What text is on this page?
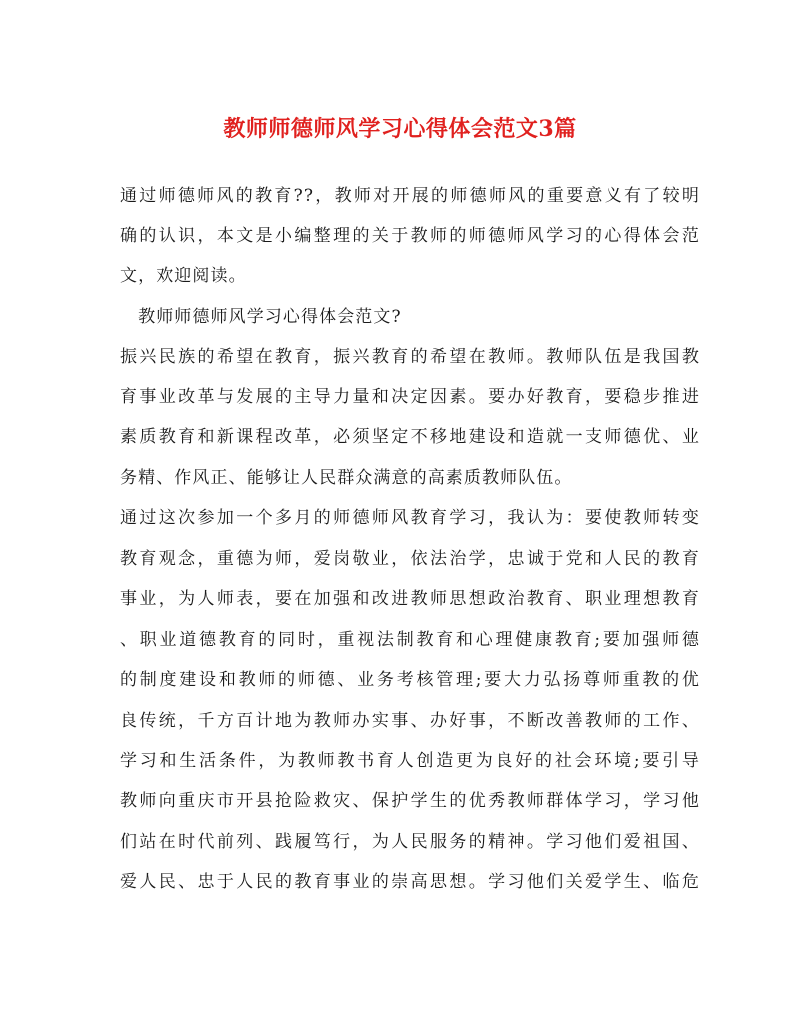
教师师德师风学习心得体会范文3篇
通过师德师风的教育??，教师对开展的师德师风的重要意义有了较明
确的认识，本文是小编整理的关于教师的师德师风学习的心得体会范
文，欢迎阅读。
　教师师德师风学习心得体会范文?
振兴民族的希望在教育，振兴教育的希望在教师。教师队伍是我国教
育事业改革与发展的主导力量和决定因素。要办好教育，要稳步推进
素质教育和新课程改革，必须坚定不移地建设和造就一支师德优、业
务精、作风正、能够让人民群众满意的高素质教师队伍。
通过这次参加一个多月的师德师风教育学习，我认为：要使教师转变
教育观念，重德为师，爱岗敬业，依法治学，忠诚于党和人民的教育
事业，为人师表，要在加强和改进教师思想政治教育、职业理想教育
、职业道德教育的同时，重视法制教育和心理健康教育;要加强师德
的制度建设和教师的师德、业务考核管理;要大力弘扬尊师重教的优
良传统，千方百计地为教师办实事、办好事，不断改善教师的工作、
学习和生活条件，为教师教书育人创造更为良好的社会环境;要引导
教师向重庆市开县抢险救灾、保护学生的优秀教师群体学习，学习他
们站在时代前列、践履笃行，为人民服务的精神。学习他们爱祖国、
爱人民、忠于人民的教育事业的崇高思想。学习他们关爱学生、临危
